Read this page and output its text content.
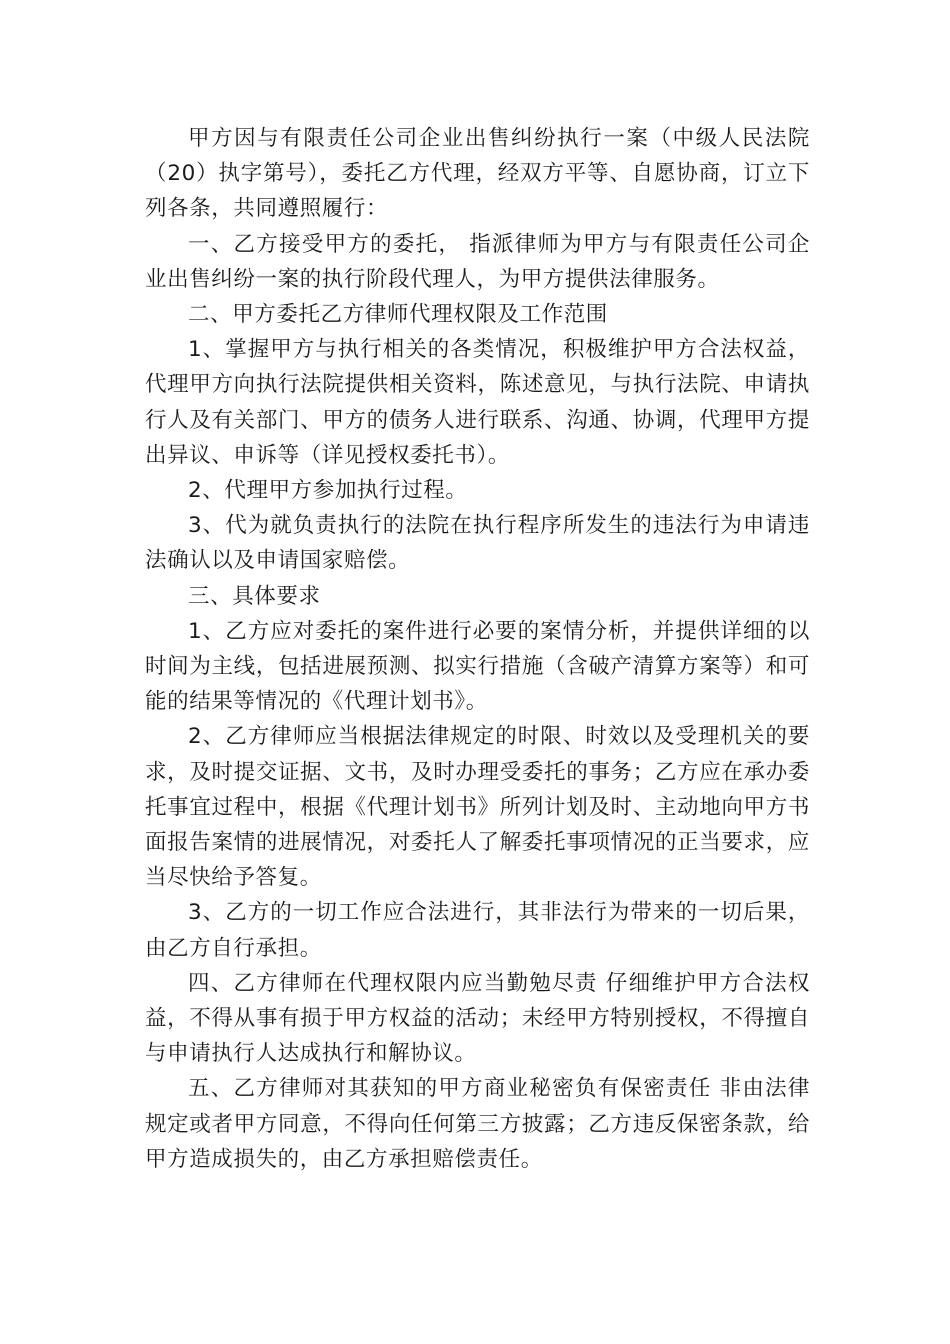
甲方因与有限责任公司企业出售纠纷执行一案（中级人民法院（20）执字第号），委托乙方代理，经双方平等、自愿协商，订立下列各条，共同遵照履行：

一、乙方接受甲方的委托， 指派律师为甲方与有限责任公司企业出售纠纷一案的执行阶段代理人，为甲方提供法律服务。

二、甲方委托乙方律师代理权限及工作范围

1、掌握甲方与执行相关的各类情况，积极维护甲方合法权益，代理甲方向执行法院提供相关资料，陈述意见，与执行法院、申请执行人及有关部门、甲方的债务人进行联系、沟通、协调，代理甲方提出异议、申诉等（详见授权委托书）。

2、代理甲方参加执行过程。

3、代为就负责执行的法院在执行程序所发生的违法行为申请违法确认以及申请国家赔偿。

三、具体要求

1、乙方应对委托的案件进行必要的案情分析，并提供详细的以时间为主线，包括进展预测、拟实行措施（含破产清算方案等）和可能的结果等情况的《代理计划书》。

2、乙方律师应当根据法律规定的时限、时效以及受理机关的要求，及时提交证据、文书，及时办理受委托的事务；乙方应在承办委托事宜过程中，根据《代理计划书》所列计划及时、主动地向甲方书面报告案情的进展情况，对委托人了解委托事项情况的正当要求，应当尽快给予答复。

3、乙方的一切工作应合法进行，其非法行为带来的一切后果，由乙方自行承担。

四、乙方律师在代理权限内应当勤勉尽责 仔细维护甲方合法权益，不得从事有损于甲方权益的活动；未经甲方特别授权，不得擅自与申请执行人达成执行和解协议。

五、乙方律师对其获知的甲方商业秘密负有保密责任 非由法律规定或者甲方同意，不得向任何第三方披露；乙方违反保密条款，给甲方造成损失的，由乙方承担赔偿责任。
